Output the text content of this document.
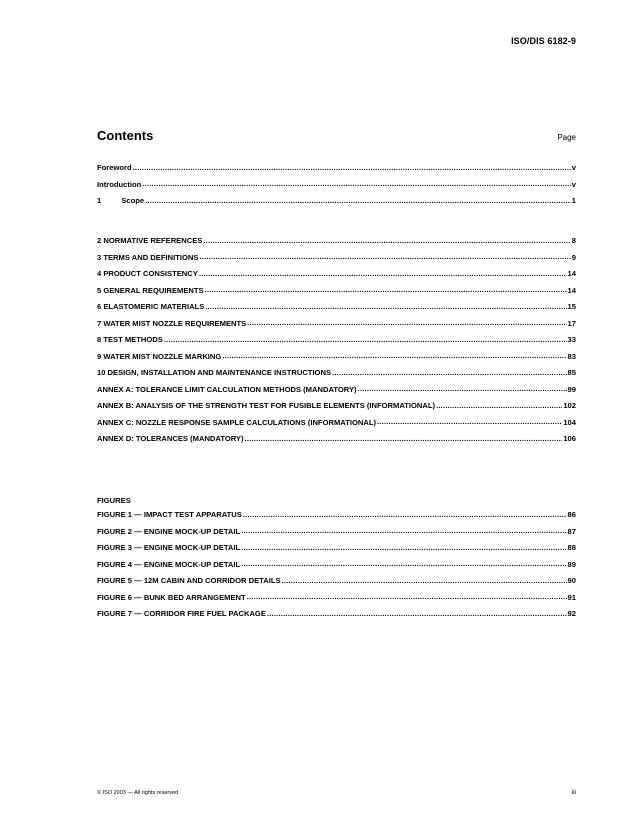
ISO/DIS 6182-9
Contents	Page
Foreword .....	v
Introduction .....	v
1	Scope .....	1
2 NORMATIVE REFERENCES .....	8
3 TERMS AND DEFINITIONS .....	9
4 PRODUCT CONSISTENCY .....	14
5 GENERAL REQUIREMENTS .....	14
6 ELASTOMERIC MATERIALS .....	15
7 WATER MIST NOZZLE REQUIREMENTS .....	17
8 TEST METHODS .....	33
9 WATER MIST NOZZLE MARKING .....	83
10 DESIGN, INSTALLATION AND MAINTENANCE INSTRUCTIONS .....	85
ANNEX A: TOLERANCE LIMIT CALCULATION METHODS (MANDATORY) .....	99
ANNEX B: ANALYSIS OF THE STRENGTH TEST FOR FUSIBLE ELEMENTS (INFORMATIONAL) .....	102
ANNEX C: NOZZLE RESPONSE SAMPLE CALCULATIONS (INFORMATIONAL) .....	104
ANNEX D: TOLERANCES (MANDATORY) .....	106
FIGURES
FIGURE 1 — IMPACT TEST APPARATUS .....	86
FIGURE 2 — ENGINE MOCK-UP DETAIL .....	87
FIGURE 3 — ENGINE MOCK-UP DETAIL .....	88
FIGURE 4 — ENGINE MOCK-UP DETAIL .....	89
FIGURE 5 — 12M CABIN AND CORRIDOR DETAILS .....	90
FIGURE 6 — BUNK BED ARRANGEMENT .....	91
FIGURE 7 — CORRIDOR FIRE FUEL PACKAGE .....	92
© ISO 2003 — All rights reserved	iii
